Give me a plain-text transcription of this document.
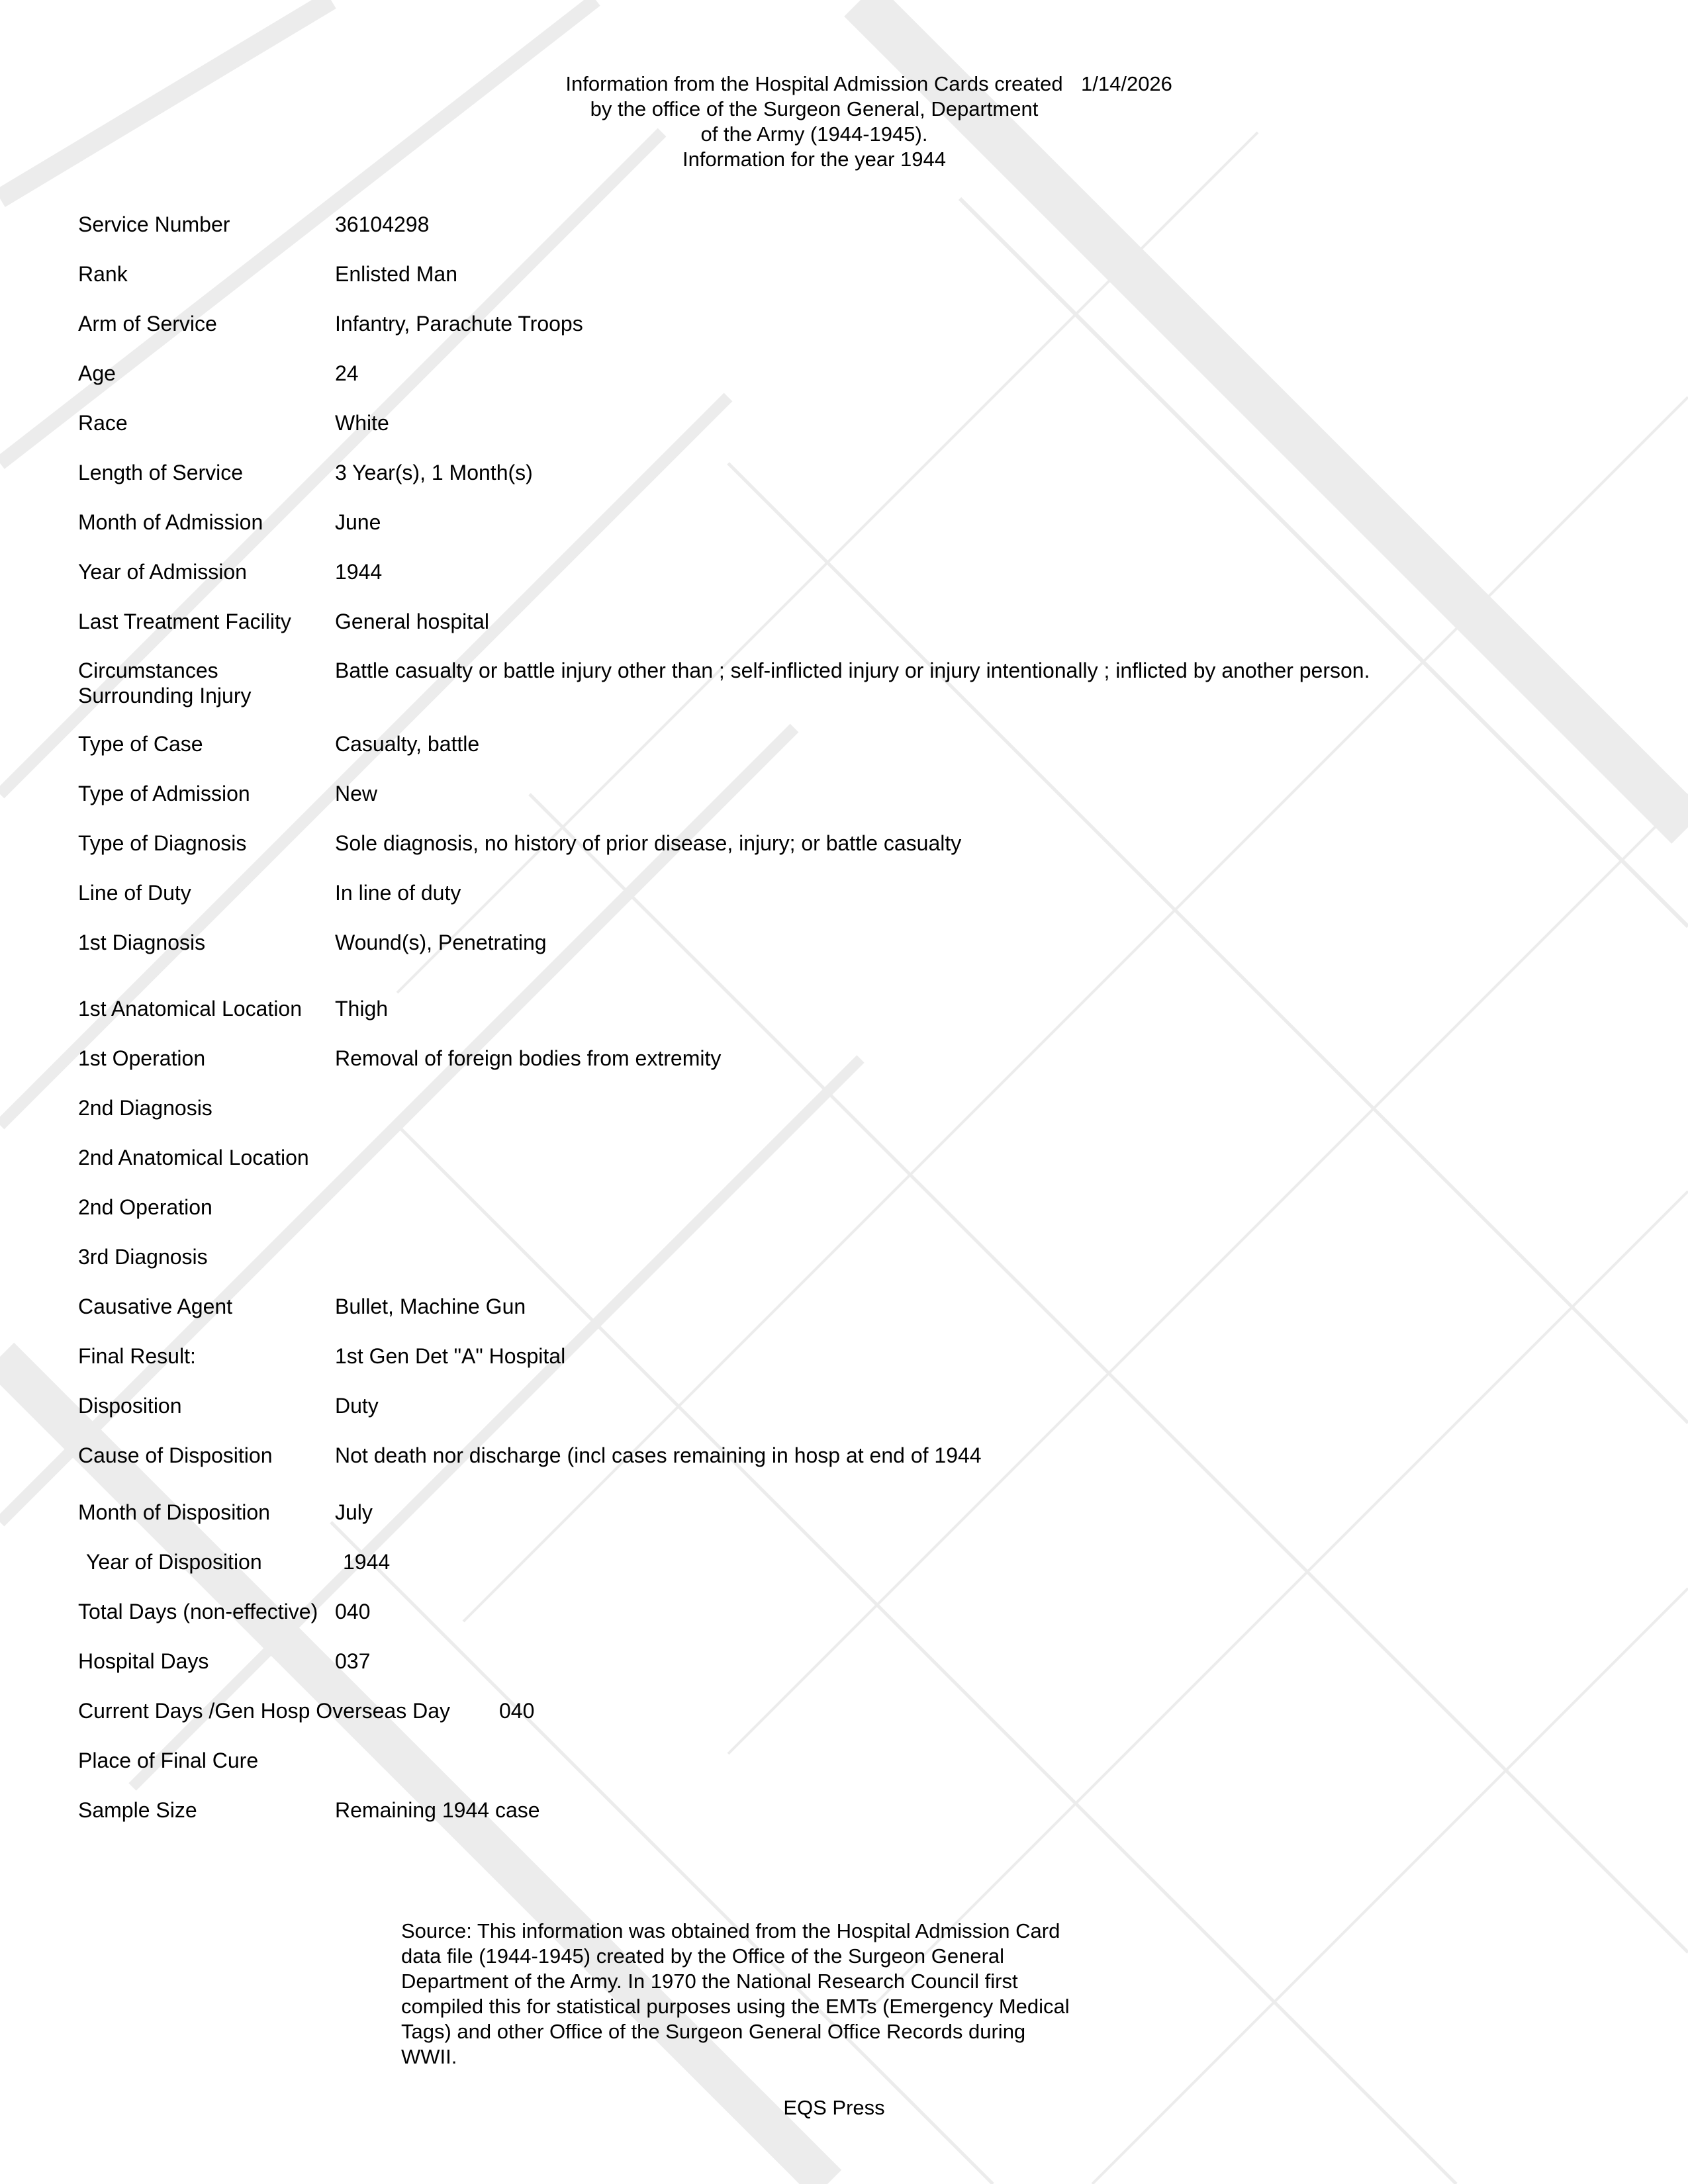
Information from the Hospital Admission Cards created
by the office of the Surgeon General, Department
of the Army (1944-1945).
Information for the year 1944
1/14/2026
Service Number	36104298
Rank	Enlisted Man
Arm of Service	Infantry, Parachute Troops
Age	24
Race	White
Length of Service	3 Year(s), 1 Month(s)
Month of Admission	June
Year of Admission	1944
Last Treatment Facility General hospital
Circumstances Surrounding Injury
Battle casualty or battle injury other than ; self-inflicted injury or injury intentionally ; inflicted by another person.
Type of Case	Casualty, battle
Type of Admission	New
Type of Diagnosis	Sole diagnosis, no history of prior disease, injury; or battle casualty
Line of Duty	In line of duty
1st Diagnosis	Wound(s), Penetrating
1st Anatomical Location Thigh
1st Operation	Removal of foreign bodies from extremity
2nd Diagnosis
2nd Anatomical Location
2nd Operation
3rd Diagnosis
Causative Agent	Bullet, Machine Gun
Final Result:	1st Gen Det "A" Hospital
Disposition	Duty
Cause of Disposition	Not death nor discharge (incl cases remaining in hosp at end of 1944
Month of Disposition	July
Year of Disposition	1944
Total Days (non-effective) 040
Hospital Days	037
Current Days /Gen Hosp Overseas Day 040
Place of Final Cure
Sample Size	Remaining 1944 case
Source: This information was obtained from the Hospital Admission Card
data file (1944-1945) created by the Office of the Surgeon General
Department of the Army. In 1970 the National Research Council first
compiled this for statistical purposes using the EMTs (Emergency Medical
Tags) and other Office of the Surgeon General Office Records during
WWII.
EQS Press
